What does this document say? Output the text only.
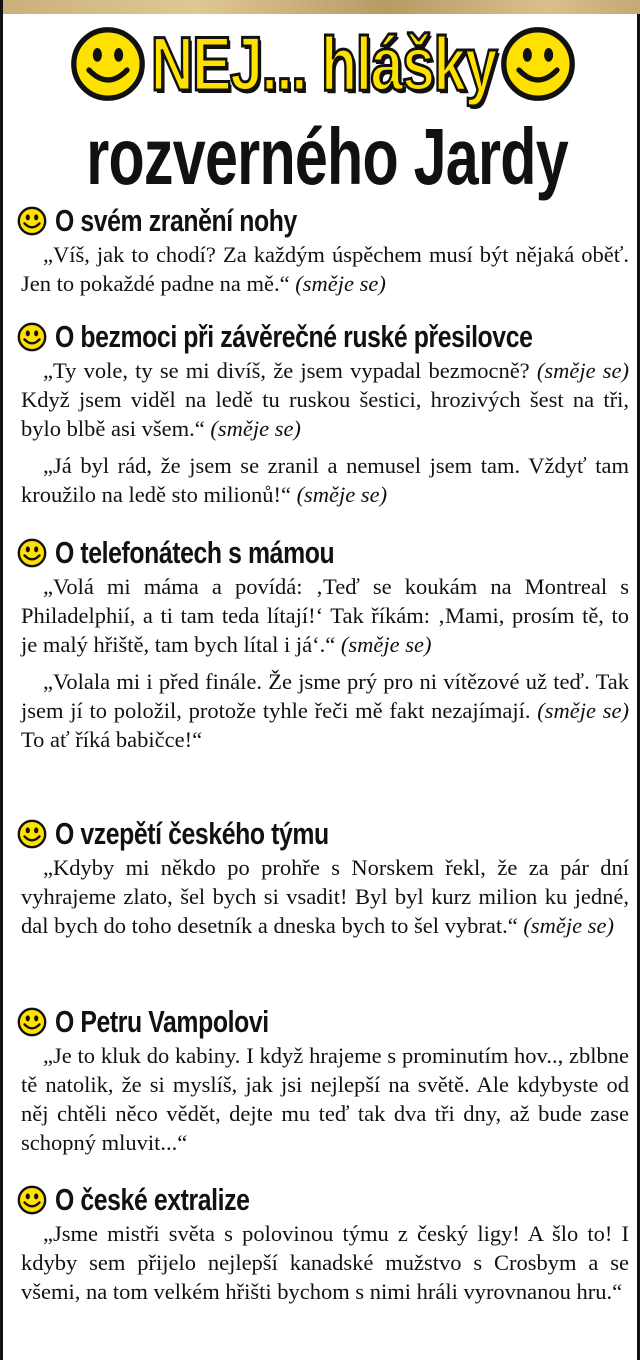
NEJ... hlášky
rozverného Jardy
O svém zranění nohy

„Víš, jak to chodí? Za každým úspěchem musí být nějaká oběť. Jen to pokaždé padne na mě.“ (směje se)

O bezmoci při závěrečné ruské přesilovce

„Ty vole, ty se mi divíš, že jsem vypadal bezmocně? (směje se) Když jsem viděl na ledě tu ruskou šestici, hrozivých šest na tři, bylo blbě asi všem.“ (směje se)

„Já byl rád, že jsem se zranil a nemusel jsem tam. Vždyť tam kroužilo na ledě sto milionů!“ (směje se)

O telefonátech s mámou

„Volá mi máma a povídá: ‚Teď se koukám na Montreal s Philadelphií, a ti tam teda lítají!‘ Tak říkám: ‚Mami, prosím tě, to je malý hřiště, tam bych lítal i já‘.“ (směje se)

„Volala mi i před finále. Že jsme prý pro ni vítězové už teď. Tak jsem jí to položil, protože tyhle řeči mě fakt nezajímají. (směje se) To ať říká babičce!“

O vzepětí českého týmu

„Kdyby mi někdo po prohře s Norskem řekl, že za pár dní vyhrajeme zlato, šel bych si vsadit! Byl byl kurz milion ku jedné, dal bych do toho desetník a dneska bych to šel vybrat.“ (směje se)

O Petru Vampolovi

„Je to kluk do kabiny. I když hrajeme s prominutím hov.., zblbne tě natolik, že si myslíš, jak jsi nejlepší na světě. Ale kdybyste od něj chtěli něco vědět, dejte mu teď tak dva tři dny, až bude zase schopný mluvit...“

O české extralize

„Jsme mistři světa s polovinou týmu z český ligy! A šlo to! I kdyby sem přijelo nejlepší kanadské mužstvo s Crosbym a se všemi, na tom velkém hřišti bychom s nimi hráli vyrovnanou hru.“
